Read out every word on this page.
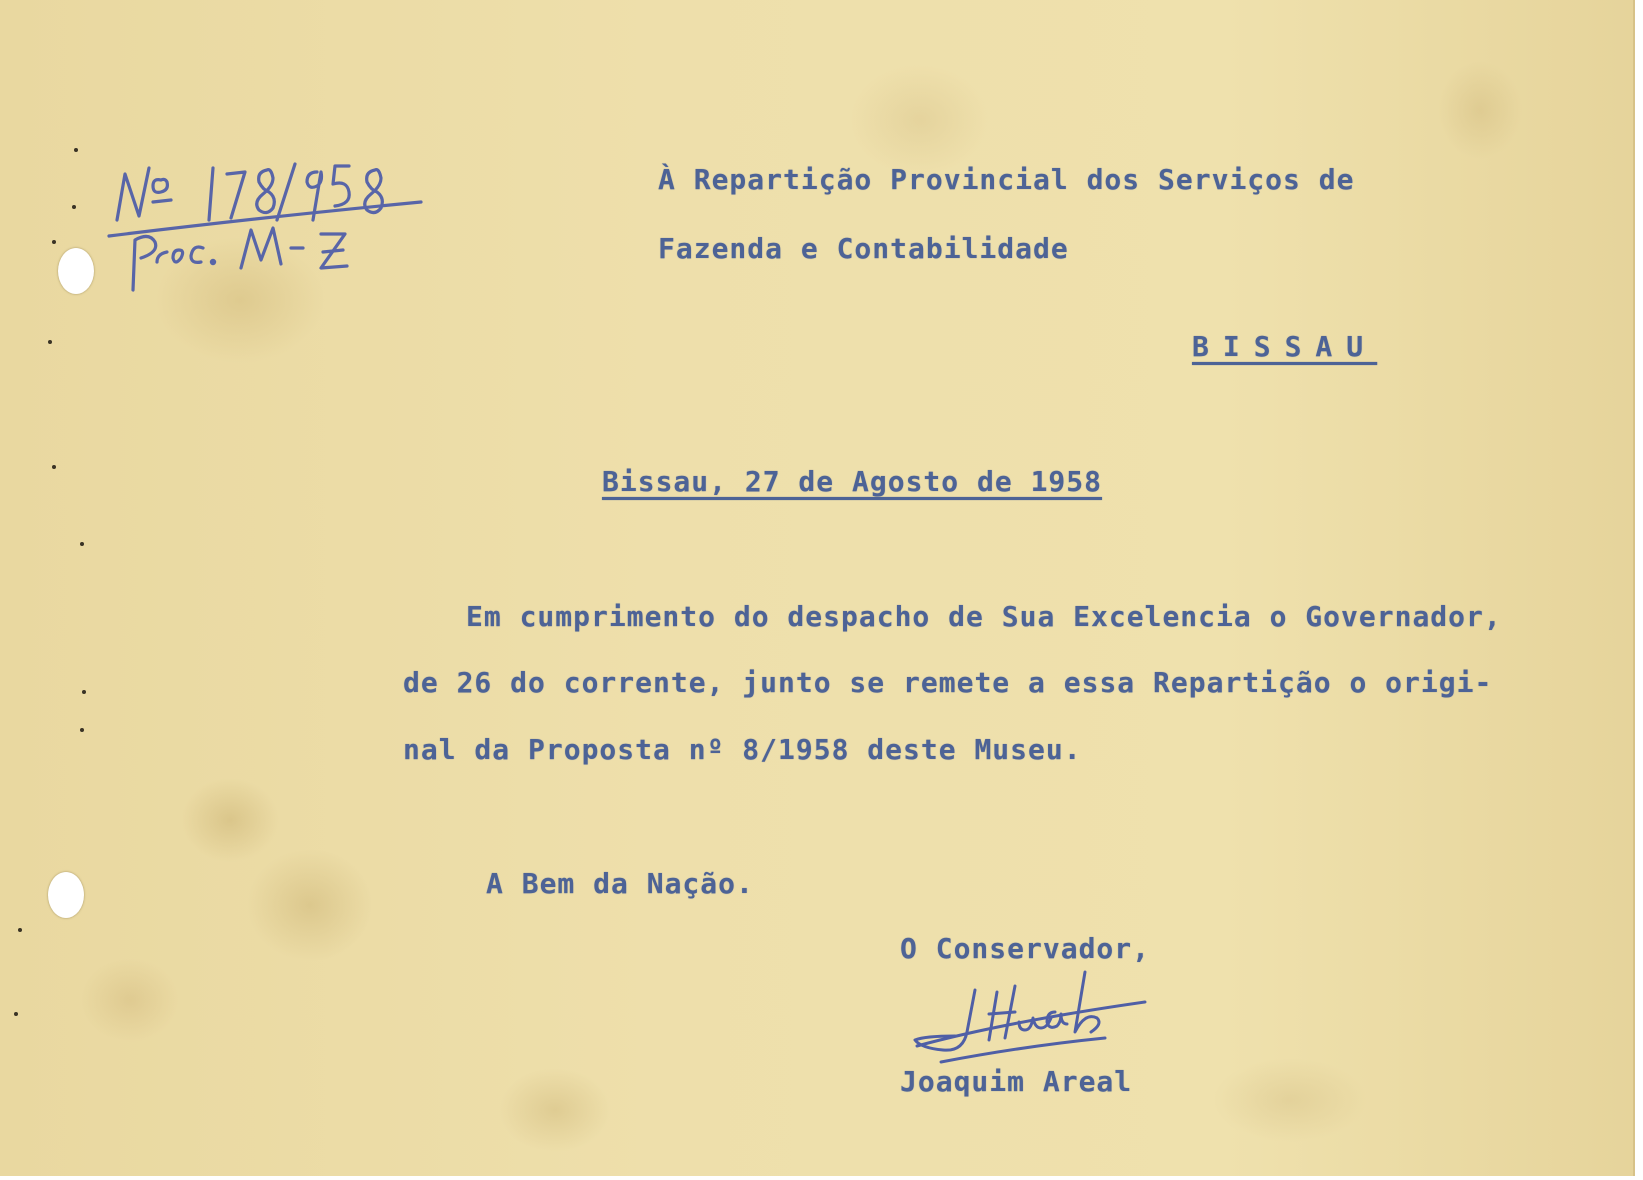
À Repartição Provincial dos Serviços de

Fazenda e Contabilidade

BISSAU

Bissau, 27 de Agosto de 1958

Em cumprimento do despacho de Sua Excelencia o Governador,

de 26 do corrente, junto se remete a essa Repartição o origi-

nal da Proposta nº 8/1958 deste Museu.

A Bem da Nação.

O Conservador,

Joaquim Areal
